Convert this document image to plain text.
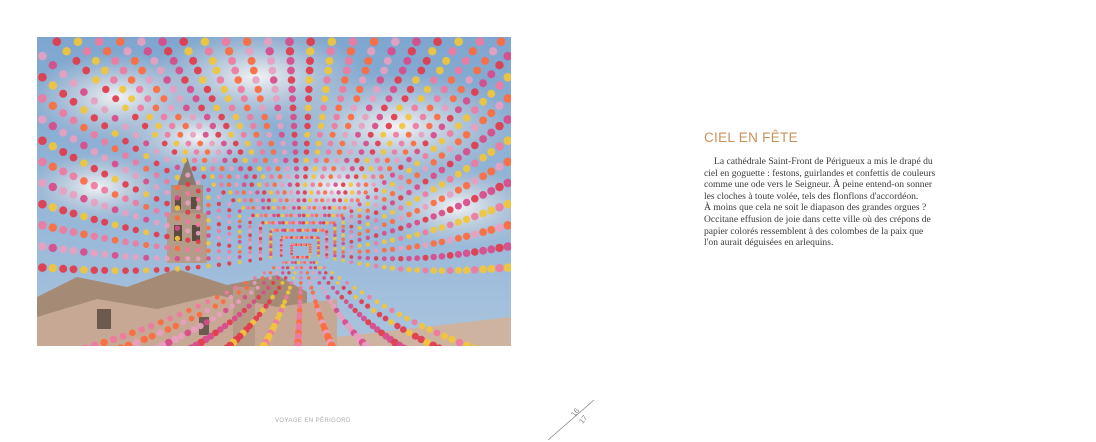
CIEL EN FÊTE

La cathédrale Saint-Front de Périgueux a mis le drapé du
ciel en goguette : festons, guirlandes et confettis de couleurs
comme une ode vers le Seigneur. À peine entend-on sonner
les cloches à toute volée, tels des flonflons d'accordéon.
À moins que cela ne soit le diapason des grandes orgues ?
Occitane effusion de joie dans cette ville où des crépons de
papier colorés ressemblent à des colombes de la paix que
l'on aurait déguisées en arlequins.

VOYAGE EN PÉRIGORD
16
17
